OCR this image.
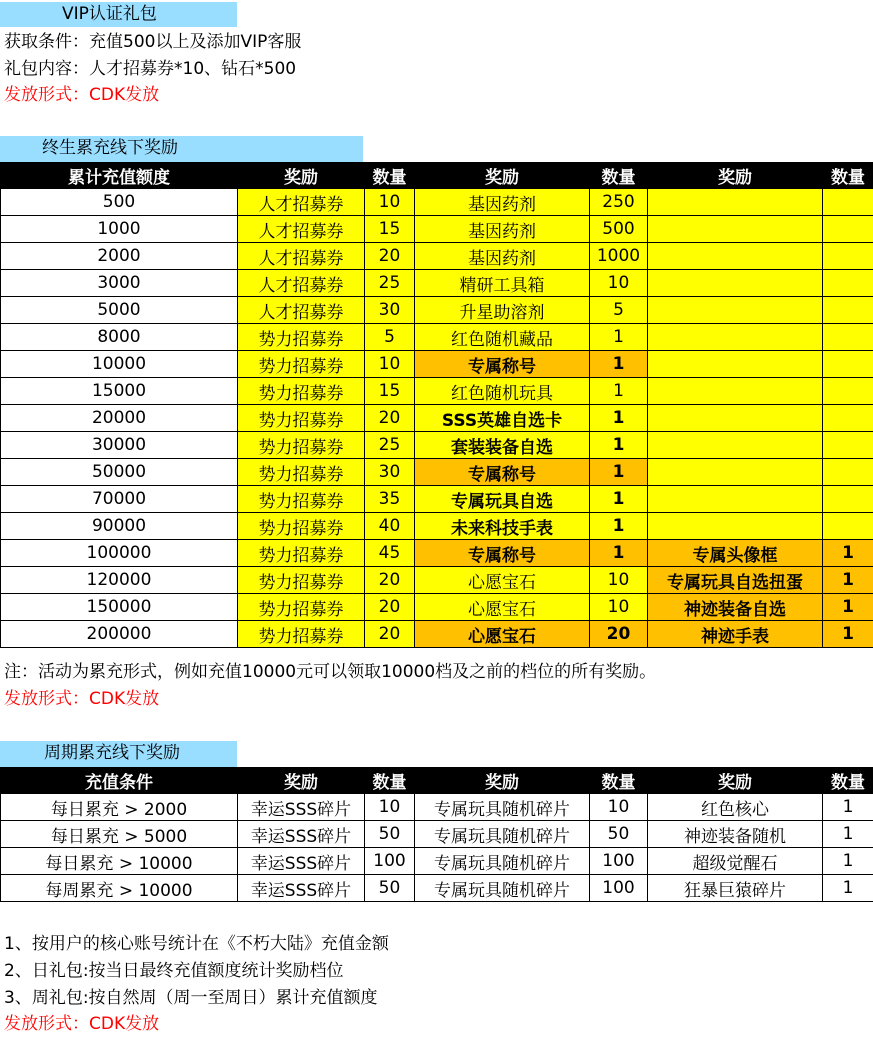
VIP认证礼包
获取条件：充值500以上及添加VIP客服
礼包内容：人才招募券*10、钻石*500
发放形式：CDK发放
终生累充线下奖励
累计充值额度	奖励	数量	奖励	数量	奖励	数量
500	人才招募券	10	基因药剂	250		
1000	人才招募券	15	基因药剂	500		
2000	人才招募券	20	基因药剂	1000		
3000	人才招募券	25	精研工具箱	10		
5000	人才招募券	30	升星助溶剂	5		
8000	势力招募券	5	红色随机藏品	1		
10000	势力招募券	10	专属称号	1		
15000	势力招募券	15	红色随机玩具	1		
20000	势力招募券	20	SSS英雄自选卡	1		
30000	势力招募券	25	套装装备自选	1		
50000	势力招募券	30	专属称号	1		
70000	势力招募券	35	专属玩具自选	1		
90000	势力招募券	40	未来科技手表	1		
100000	势力招募券	45	专属称号	1	专属头像框	1
120000	势力招募券	20	心愿宝石	10	专属玩具自选扭蛋	1
150000	势力招募券	20	心愿宝石	10	神迹装备自选	1
200000	势力招募券	20	心愿宝石	20	神迹手表	1
注：活动为累充形式，例如充值10000元可以领取10000档及之前的档位的所有奖励。
发放形式：CDK发放
周期累充线下奖励
充值条件	奖励	数量	奖励	数量	奖励	数量
每日累充 > 2000	幸运SSS碎片	10	专属玩具随机碎片	10	红色核心	1
每日累充 > 5000	幸运SSS碎片	50	专属玩具随机碎片	50	神迹装备随机	1
每日累充 > 10000	幸运SSS碎片	100	专属玩具随机碎片	100	超级觉醒石	1
每周累充 > 10000	幸运SSS碎片	50	专属玩具随机碎片	100	狂暴巨猿碎片	1
1、按用户的核心账号统计在《不朽大陆》充值金额
2、日礼包:按当日最终充值额度统计奖励档位
3、周礼包:按自然周（周一至周日）累计充值额度
发放形式：CDK发放
